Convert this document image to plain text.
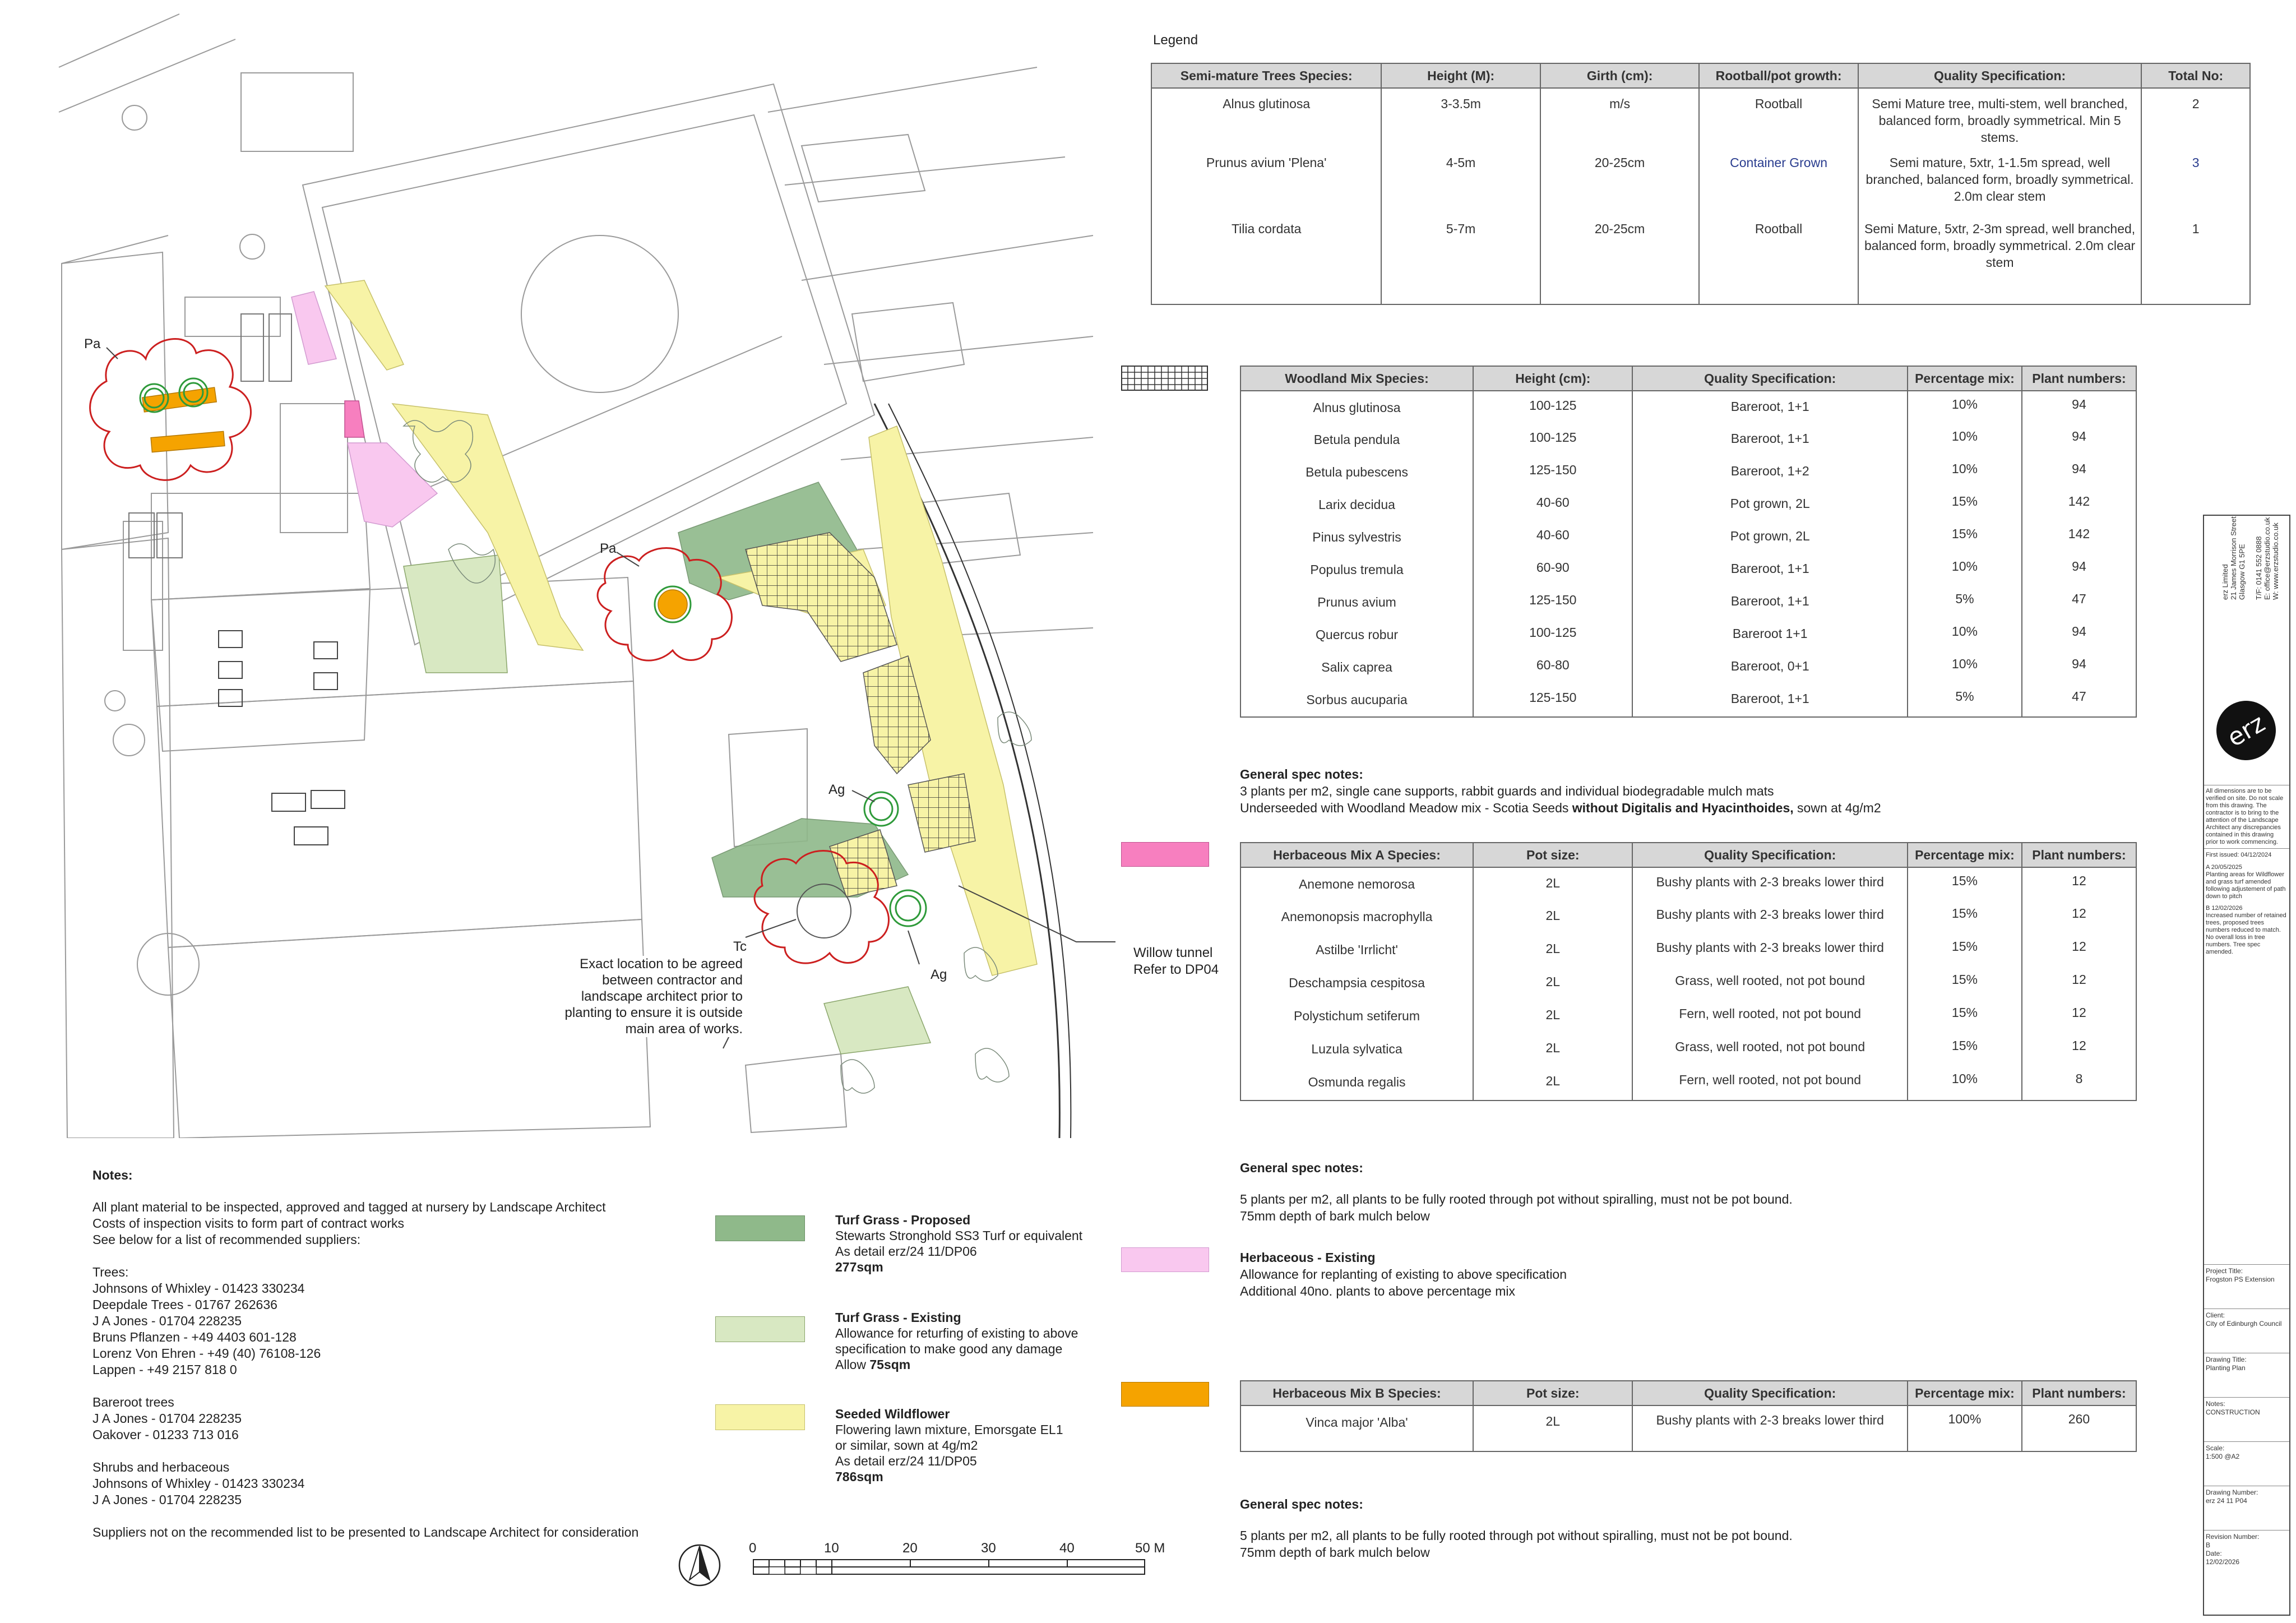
Pa
Pa
Ag
Ag
Tc	Willow tunnel
Refer to DP04
Exact location to be agreed
between contractor and
landscape architect prior to
planting to ensure it is outside
main area of works.
Legend
Semi-mature Trees Species:	Height (M):	Girth (cm):	Rootball/pot growth:	Quality Specification:	Total No:
Alnus glutinosa	3-3.5m	m/s	Rootball	Semi Mature tree, multi-stem, well branched, balanced form, broadly symmetrical. Min 5 stems.	2
Prunus avium 'Plena'	4-5m	20-25cm	Container Grown	Semi mature, 5xtr, 1-1.5m spread, well branched, balanced form, broadly symmetrical. 2.0m clear stem	3
Tilia cordata	5-7m	20-25cm	Rootball	Semi Mature, 5xtr, 2-3m spread, well branched, balanced form, broadly symmetrical. 2.0m clear stem	1
Woodland Mix Species:	Height (cm):	Quality Specification:	Percentage mix:	Plant numbers:
Alnus glutinosa	100-125	Bareroot, 1+1	10%	94
Betula pendula	100-125	Bareroot, 1+1	10%	94
Betula pubescens	125-150	Bareroot, 1+2	10%	94
Larix decidua	40-60	Pot grown, 2L	15%	142
Pinus sylvestris	40-60	Pot grown, 2L	15%	142
Populus tremula	60-90	Bareroot, 1+1	10%	94
Prunus avium	125-150	Bareroot, 1+1	5%	47
Quercus robur	100-125	Bareroot 1+1	10%	94
Salix caprea	60-80	Bareroot, 0+1	10%	94
Sorbus aucuparia	125-150	Bareroot, 1+1	5%	47
General spec notes:
3 plants per m2, single cane supports, rabbit guards and individual biodegradable mulch mats
Underseeded with Woodland Meadow mix - Scotia Seeds without Digitalis and Hyacinthoides, sown at 4g/m2
Herbaceous Mix A Species:	Pot size:	Quality Specification:	Percentage mix:	Plant numbers:
Anemone nemorosa	2L	Bushy plants with 2-3 breaks lower third	15%	12
Anemonopsis macrophylla	2L	Bushy plants with 2-3 breaks lower third	15%	12
Astilbe 'Irrlicht'	2L	Bushy plants with 2-3 breaks lower third	15%	12
Deschampsia cespitosa	2L	Grass, well rooted, not pot bound	15%	12
Polystichum setiferum	2L	Fern, well rooted, not pot bound	15%	12
Luzula sylvatica	2L	Grass, well rooted, not pot bound	15%	12
Osmunda regalis	2L	Fern, well rooted, not pot bound	10%	8
General spec notes:
5 plants per m2, all plants to be fully rooted through pot without spiralling, must not be pot bound.
75mm depth of bark mulch below
Herbaceous - Existing
Allowance for replanting of existing to above specification
Additional 40no. plants to above percentage mix
Herbaceous Mix B Species:	Pot size:	Quality Specification:	Percentage mix:	Plant numbers:
Vinca major 'Alba'	2L	Bushy plants with 2-3 breaks lower third	100%	260
General spec notes:
5 plants per m2, all plants to be fully rooted through pot without spiralling, must not be pot bound.
75mm depth of bark mulch below
Notes:

All plant material to be inspected, approved and tagged at nursery by Landscape Architect

Costs of inspection visits to form part of contract works

See below for a list of recommended suppliers:

Trees:

Johnsons of Whixley - 01423 330234

Deepdale Trees - 01767 262636

J A Jones - 01704 228235

Bruns Pflanzen - +49 4403 601-128

Lorenz Von Ehren - +49 (40) 76108-126

Lappen - +49 2157 818 0

Bareroot trees

J A Jones - 01704 228235

Oakover - 01233 713 016

Shrubs and herbaceous

Johnsons of Whixley - 01423 330234

J A Jones - 01704 228235

Suppliers not on the recommended list to be presented to Landscape Architect for consideration

Turf Grass - Proposed
Stewarts Stronghold SS3 Turf or equivalent
As detail erz/24 11/DP06
277sqm
Turf Grass - Existing
Allowance for returfing of existing to above
specification to make good any damage
Allow 75sqm
Seeded Wildflower
Flowering lawn mixture, Emorsgate EL1
or similar, sown at 4g/m2
As detail erz/24 11/DP05
786sqm
0	10	20	30	40	50 M
erz Limited 21 James Morrison Street Glasgow G1 5PE T/F: 0141 552 0888 E: office@erzstudio.co.uk W: www.erzstudio.co.uk
erz
All dimensions are to be verified on site. Do not scale from this drawing. The contractor is to bring to the attention of the Landscape Architect any discrepancies contained in this drawing prior to work commencing.
First issued: 04/12/2024
A 20/05/2025
Planting areas for Wildflower and grass turf amended following adjustement of path down to pitch
B 12/02/2026
Increased number of retained trees, proposed trees numbers reduced to match. No overall loss in tree numbers. Tree spec amended.
Project Title:
Frogston PS Extension
Client:
City of Edinburgh Council
Drawing Title:
Planting Plan
Notes:
CONSTRUCTION
Scale:
1:500 @A2
Drawing Number:
erz 24 11 P04
Revision Number:
B
Date:
12/02/2026
